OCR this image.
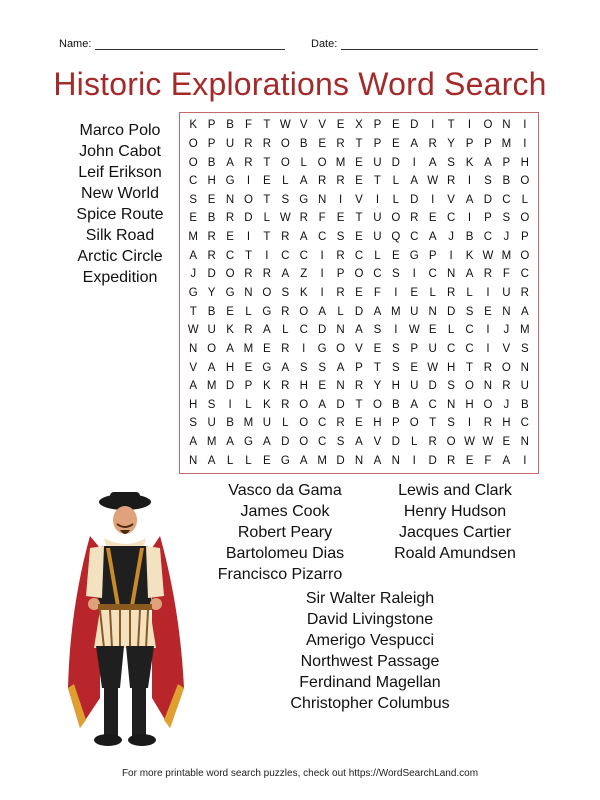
Name:	Date:
Historic Explorations Word Search
Marco Polo
John Cabot
Leif Erikson
New World
Spice Route
Silk Road
Arctic Circle
Expedition
K P B F T W V V E X P E D	I	T	I	O N	I
O P U R R O B E R T P E A R Y P P M	I
O B A R T O L O M E U D	I	A S K A P H
C H G	I	E L A R R E T	L A W R	I	S B O
S E N O T S G N	I	V	I	L D	I	V A D C L
E B R D L W R F E T U O R E C	I	P S O
M R E	I	T R A C S E U Q C A	J	B C J	P
A R C T	I	C C	I	R C L E G P	I	K W M O
J D O R R A Z	I	P O C S	I	C N A R F C
G Y G N O S K	I	R E F	I	E L R L	I	U R
T B E L G R O A L D A M U N D S E N A
W U K R A L C D N A S	I W E L C	I	J M
N O A M E R	I	G O V E S P U C C	I	V S
V A H E G A S S A P T S E W H T R O N
A M D P K R H E N R Y H U D S O N R U
H S	I	L K R O A D T O B A C N H O J	B
S U B M U L O C R E H P O T S	I	R H C
A M A G A D O C S A V D L R O W W E N
N A L	L E G A M D N A N	I	D R E F A	I
Vasco da Gama
James Cook
Robert Peary
Bartolomeu Dias
Francisco Pizarro
Lewis and Clark
Henry Hudson
Jacques Cartier
Roald Amundsen
Sir Walter Raleigh
David Livingstone
Amerigo Vespucci
Northwest Passage
Ferdinand Magellan
Christopher Columbus
For more printable word search puzzles, check out https://WordSearchLand.com
